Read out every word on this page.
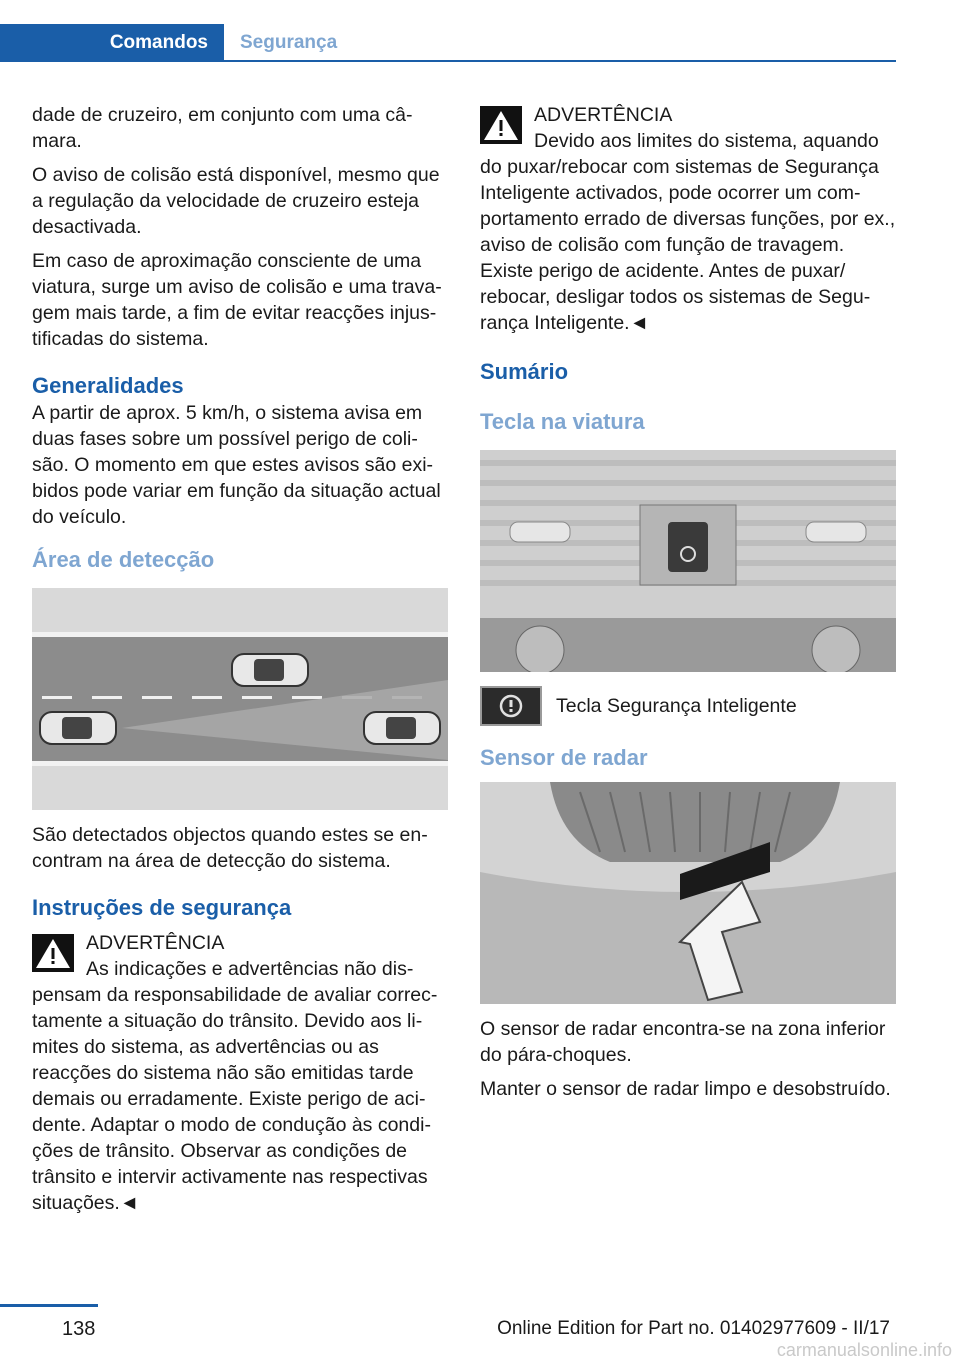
Comandos	Segurança

dade de cruzeiro, em conjunto com uma câmara.

O aviso de colisão está disponível, mesmo que a regulação da velocidade de cruzeiro esteja desactivada.

Em caso de aproximação consciente de uma viatura, surge um aviso de colisão e uma travagem mais tarde, a fim de evitar reacções injustificadas do sistema.

Generalidades

A partir de aprox. 5 km/h, o sistema avisa em duas fases sobre um possível perigo de colisão. O momento em que estes avisos são exibidos pode variar em função da situação actual do veículo.

Área de detecção

São detectados objectos quando estes se encontram na área de detecção do sistema.

Instruções de segurança
ADVERTÊNCIA
As indicações e advertências não dispensam da responsabilidade de avaliar correctamente a situação do trânsito. Devido aos limites do sistema, as advertências ou as reacções do sistema não são emitidas tarde demais ou erradamente. Existe perigo de acidente. Adaptar o modo de condução às condições de trânsito. Observar as condições de trânsito e intervir activamente nas respectivas situações.◄
ADVERTÊNCIA
Devido aos limites do sistema, aquando do puxar/rebocar com sistemas de Segurança Inteligente activados, pode ocorrer um comportamento errado de diversas funções, por ex., aviso de colisão com função de travagem. Existe perigo de acidente. Antes de puxar/ rebocar, desligar todos os sistemas de Segurança Inteligente.◄
Sumário
Tecla na viatura
Tecla Segurança Inteligente
Sensor de radar

O sensor de radar encontra-se na zona inferior do pára-choques.

Manter o sensor de radar limpo e desobstruído.

138	Online Edition for Part no. 01402977609 - II/17
carmanualsonline.info
